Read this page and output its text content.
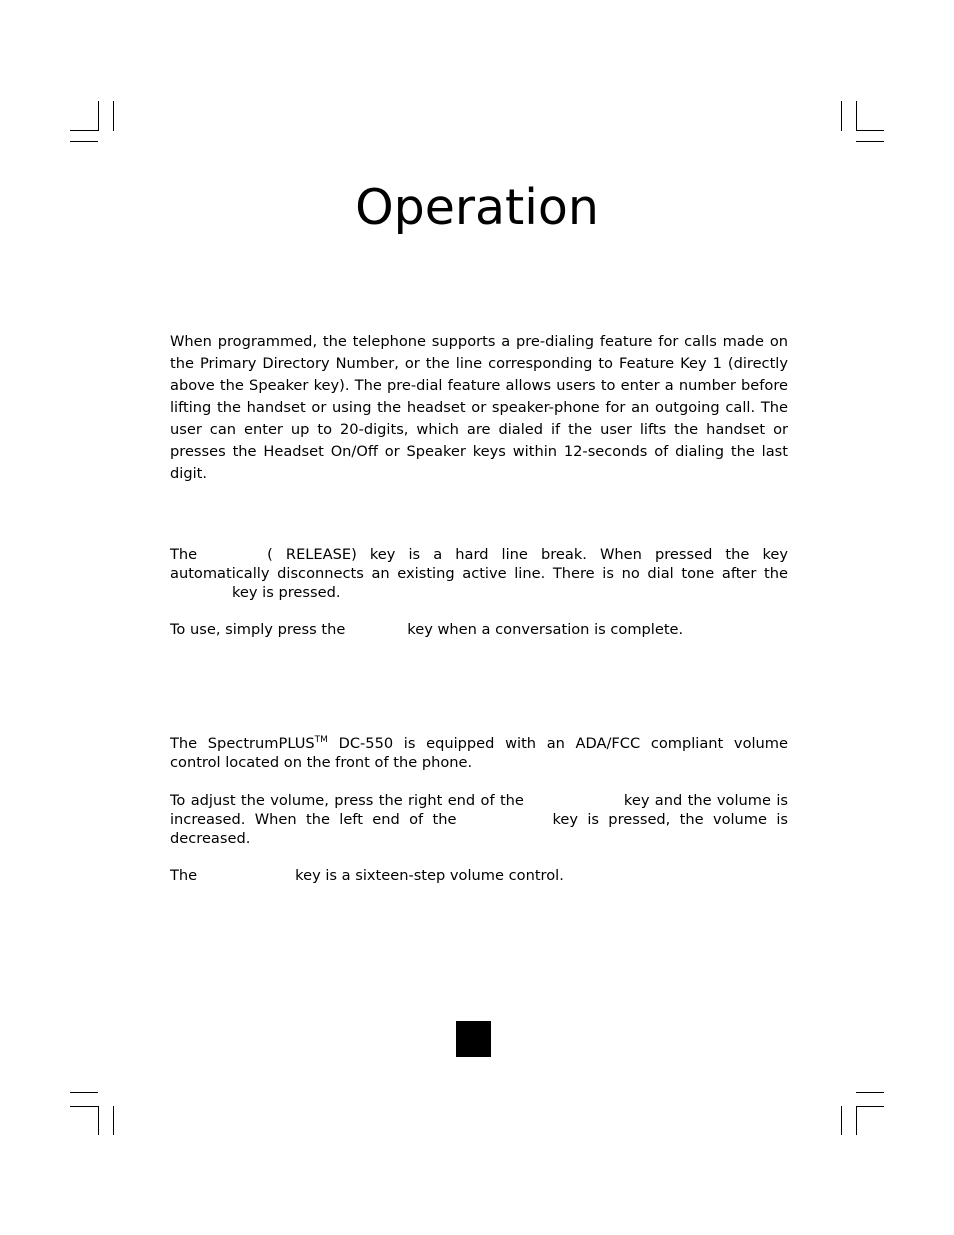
Operation

When programmed, the telephone supports a pre-dialing feature for calls made on the Primary Directory Number, or the line corresponding to Feature Key 1 (directly above the Speaker key). The pre-dial feature allows users to enter a number before lifting the handset or using the headset or speaker-phone for an outgoing call. The user can enter up to 20-digits, which are dialed if the user lifts the handset or presses the Headset On/Off or Speaker keys within 12-seconds of dialing the last digit.

The	( RELEASE) key is a hard line break. When pressed the key automatically disconnects an existing active line. There is no dial tone after thekey is pressed.

To use, simply press the	key when a conversation is complete.

The SpectrumPLUS™ DC-550 is equipped with an ADA/FCC compliant volume control located on the front of the phone.

To adjust the volume, press the right end of the	key and the volume is increased. When the left end of the	key is pressed, the volume is decreased.

The	key is a sixteen-step volume control.
